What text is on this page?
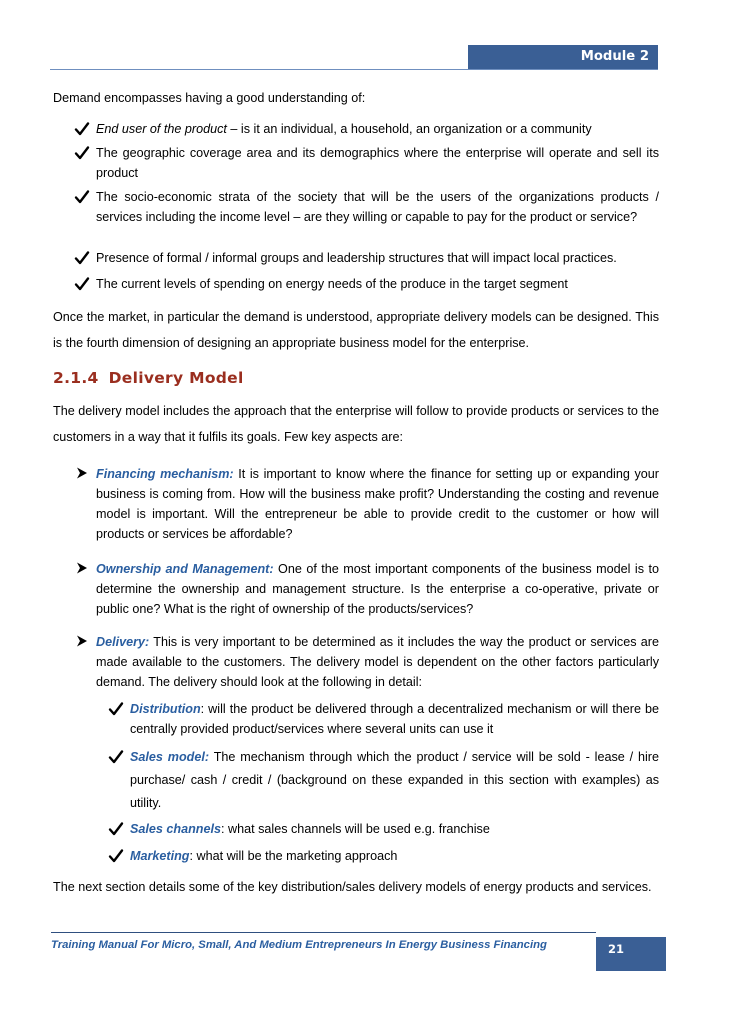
Module 2
Demand encompasses having a good understanding of:
End user of the product – is it an individual, a household, an organization or a community
The geographic coverage area and its demographics where the enterprise will operate and sell its product
The socio-economic strata of the society that will be the users of the organizations products / services including the income level – are they willing or capable to pay for the product or service?
Presence of formal / informal groups and leadership structures that will impact local practices.
The current levels of spending on energy needs of the produce in the target segment
Once the market, in particular the demand is understood, appropriate delivery models can be designed. This is the fourth dimension of designing an appropriate business model for the enterprise.
2.1.4 Delivery Model
The delivery model includes the approach that the enterprise will follow to provide products or services to the customers in a way that it fulfils its goals. Few key aspects are:
Financing mechanism: It is important to know where the finance for setting up or expanding your business is coming from. How will the business make profit? Understanding the costing and revenue model is important. Will the entrepreneur be able to provide credit to the customer or how will products or services be affordable?
Ownership and Management: One of the most important components of the business model is to determine the ownership and management structure. Is the enterprise a co-operative, private or public one? What is the right of ownership of the products/services?
Delivery: This is very important to be determined as it includes the way the product or services are made available to the customers. The delivery model is dependent on the other factors particularly demand. The delivery should look at the following in detail:
Distribution: will the product be delivered through a decentralized mechanism or will there be centrally provided product/services where several units can use it
Sales model: The mechanism through which the product / service will be sold - lease / hire purchase/ cash / credit / (background on these expanded in this section with examples) as utility.
Sales channels: what sales channels will be used e.g. franchise
Marketing: what will be the marketing approach
The next section details some of the key distribution/sales delivery models of energy products and services.
Training Manual For Micro, Small, And Medium Entrepreneurs In Energy Business Financing	21
